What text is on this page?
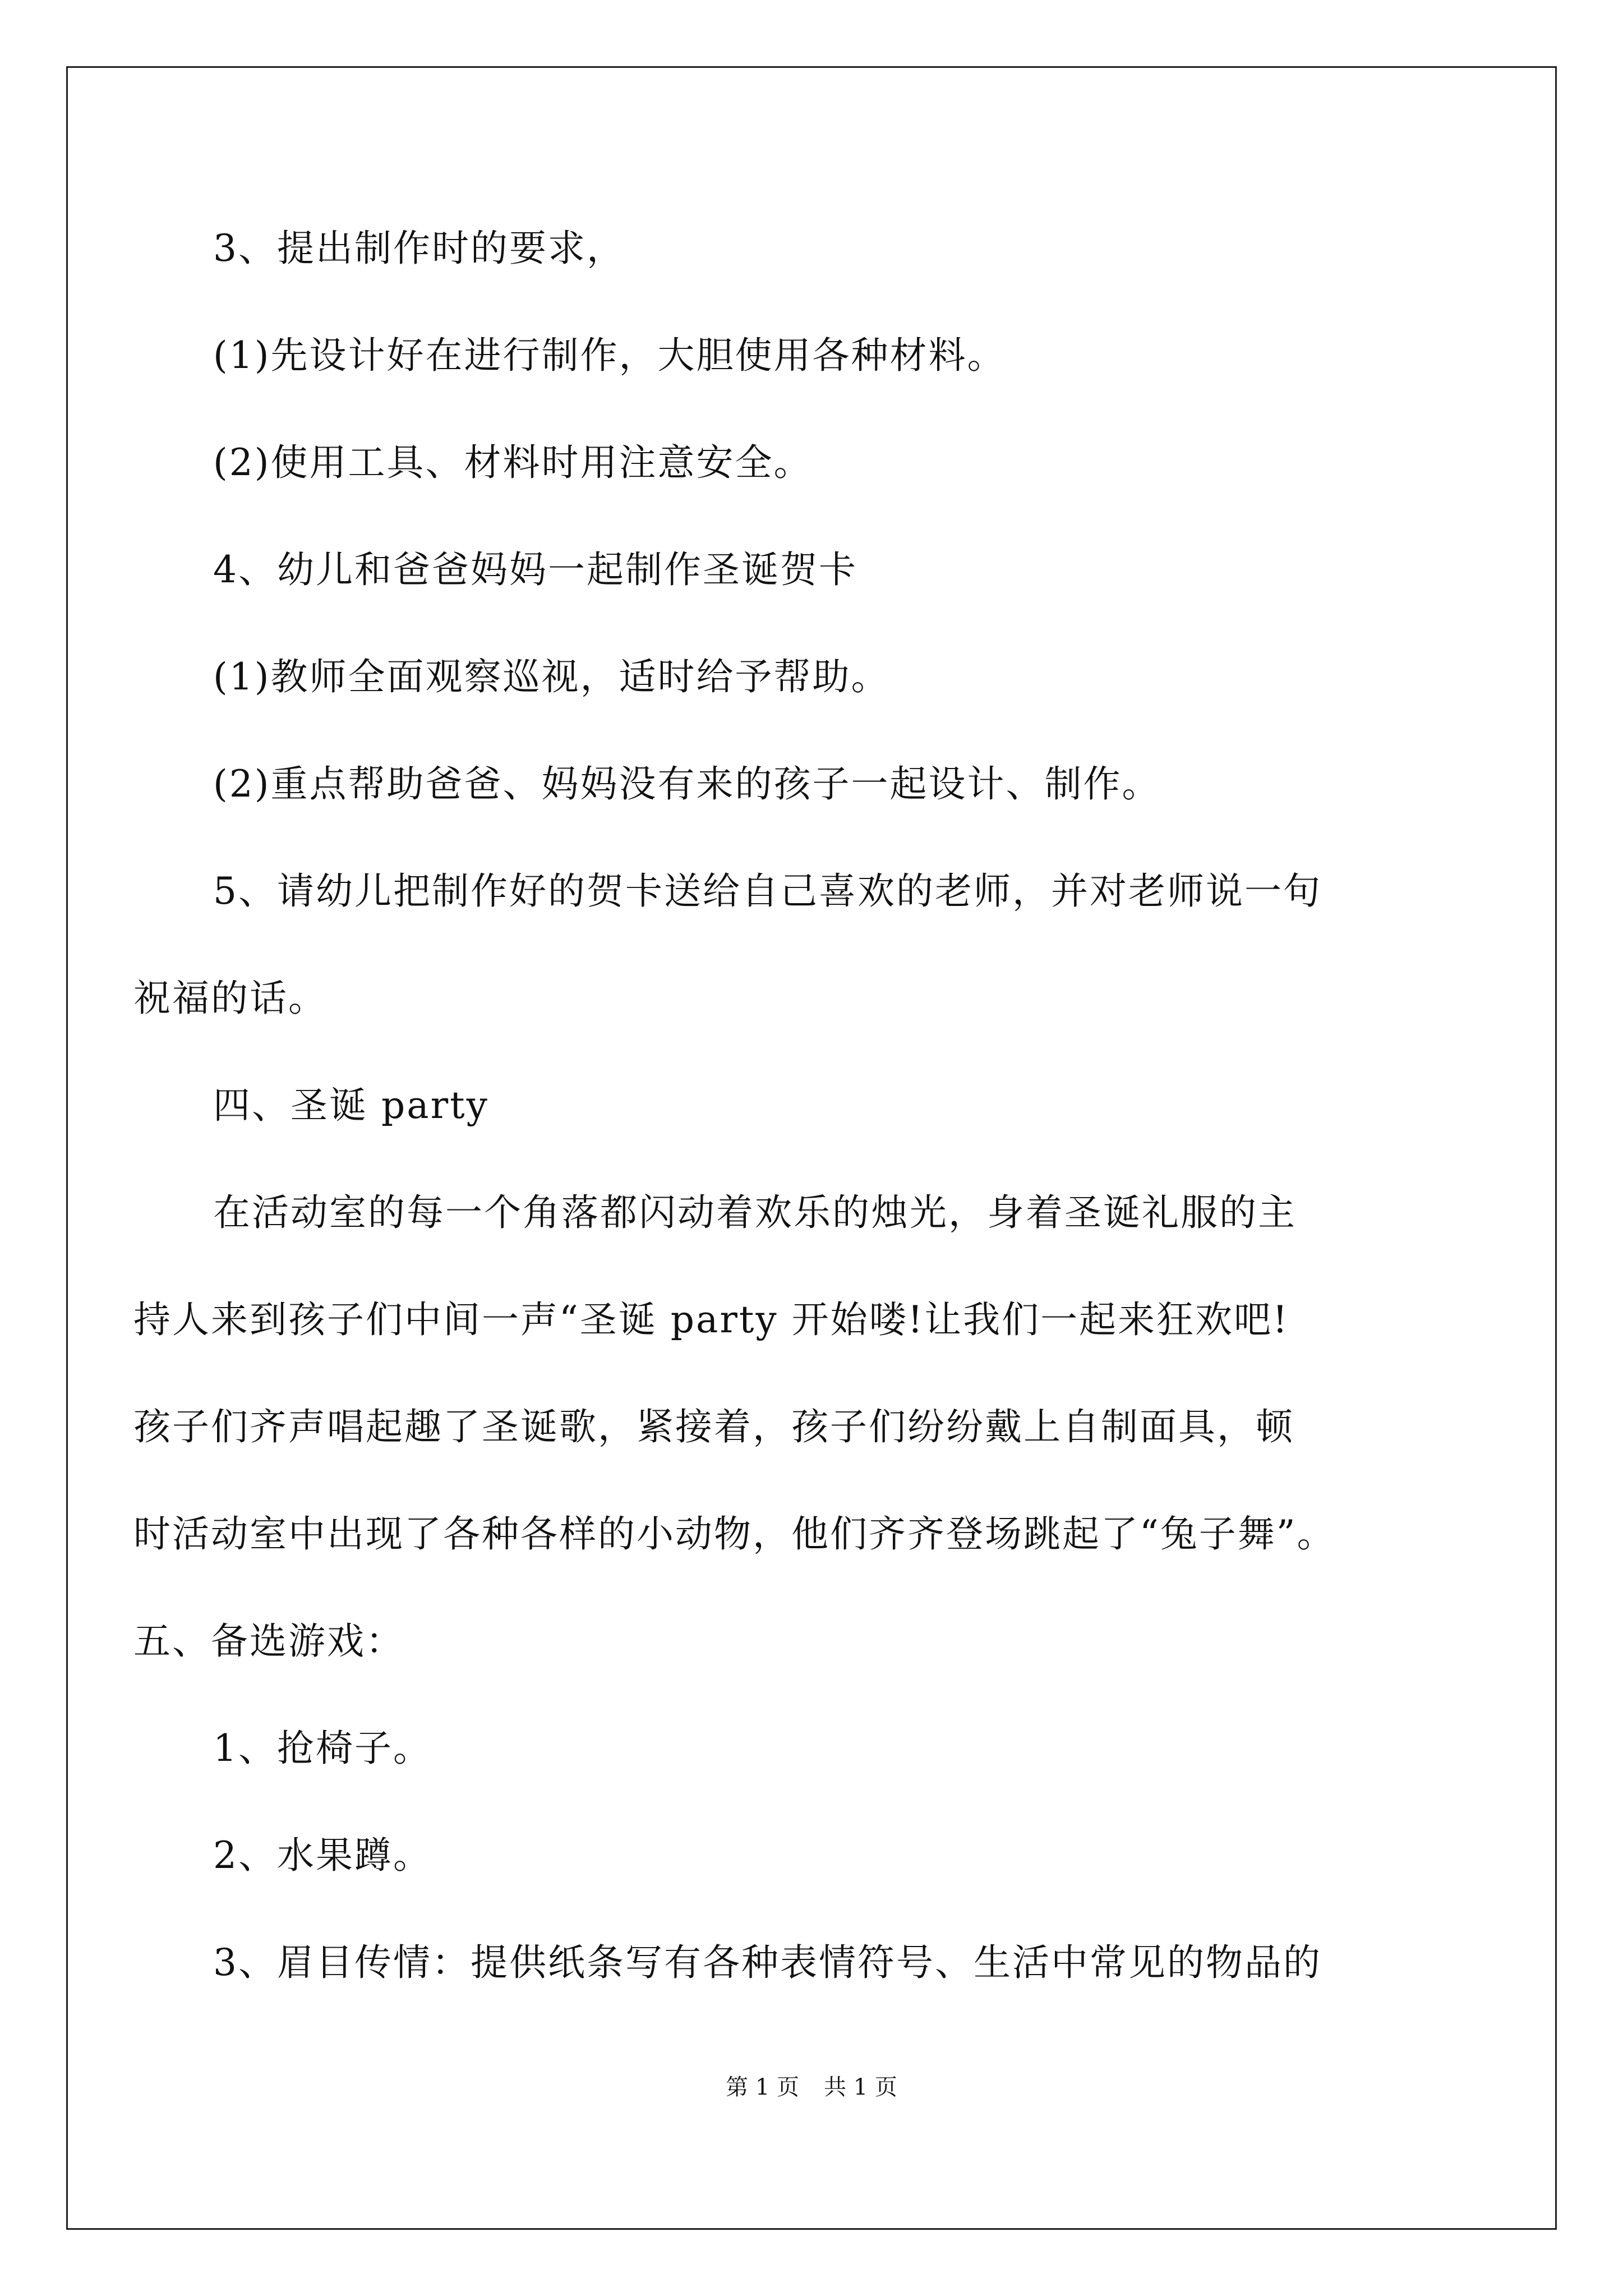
3、提出制作时的要求，
(1)先设计好在进行制作，大胆使用各种材料。
(2)使用工具、材料时用注意安全。
4、幼儿和爸爸妈妈一起制作圣诞贺卡
(1)教师全面观察巡视，适时给予帮助。
(2)重点帮助爸爸、妈妈没有来的孩子一起设计、制作。
5、请幼儿把制作好的贺卡送给自己喜欢的老师，并对老师说一句
祝福的话。
四、圣诞 party
在活动室的每一个角落都闪动着欢乐的烛光，身着圣诞礼服的主
持人来到孩子们中间一声“圣诞 party 开始喽!让我们一起来狂欢吧!
孩子们齐声唱起趣了圣诞歌，紧接着，孩子们纷纷戴上自制面具，顿
时活动室中出现了各种各样的小动物，他们齐齐登场跳起了“兔子舞”。
五、备选游戏：
1、抢椅子。
2、水果蹲。
3、眉目传情：提供纸条写有各种表情符号、生活中常见的物品的
第 1 页 共 1 页
